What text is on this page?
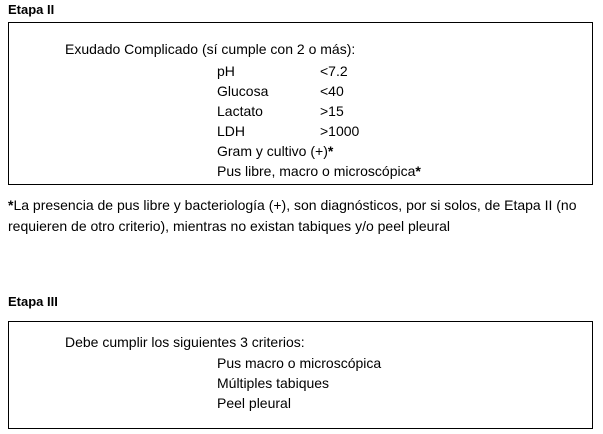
Etapa II
Exudado Complicado (sí cumple con 2 o más):
pH	<7.2
Glucosa	<40
Lactato	>15
LDH	>1000
Gram y cultivo (+)*
Pus libre, macro o microscópica*
*La presencia de pus libre y bacteriología (+), son diagnósticos, por si solos, de Etapa II (no requieren de otro criterio), mientras no existan tabiques y/o peel pleural
Etapa III
Debe cumplir los siguientes 3 criterios:
Pus macro o microscópica
Múltiples tabiques
Peel pleural
